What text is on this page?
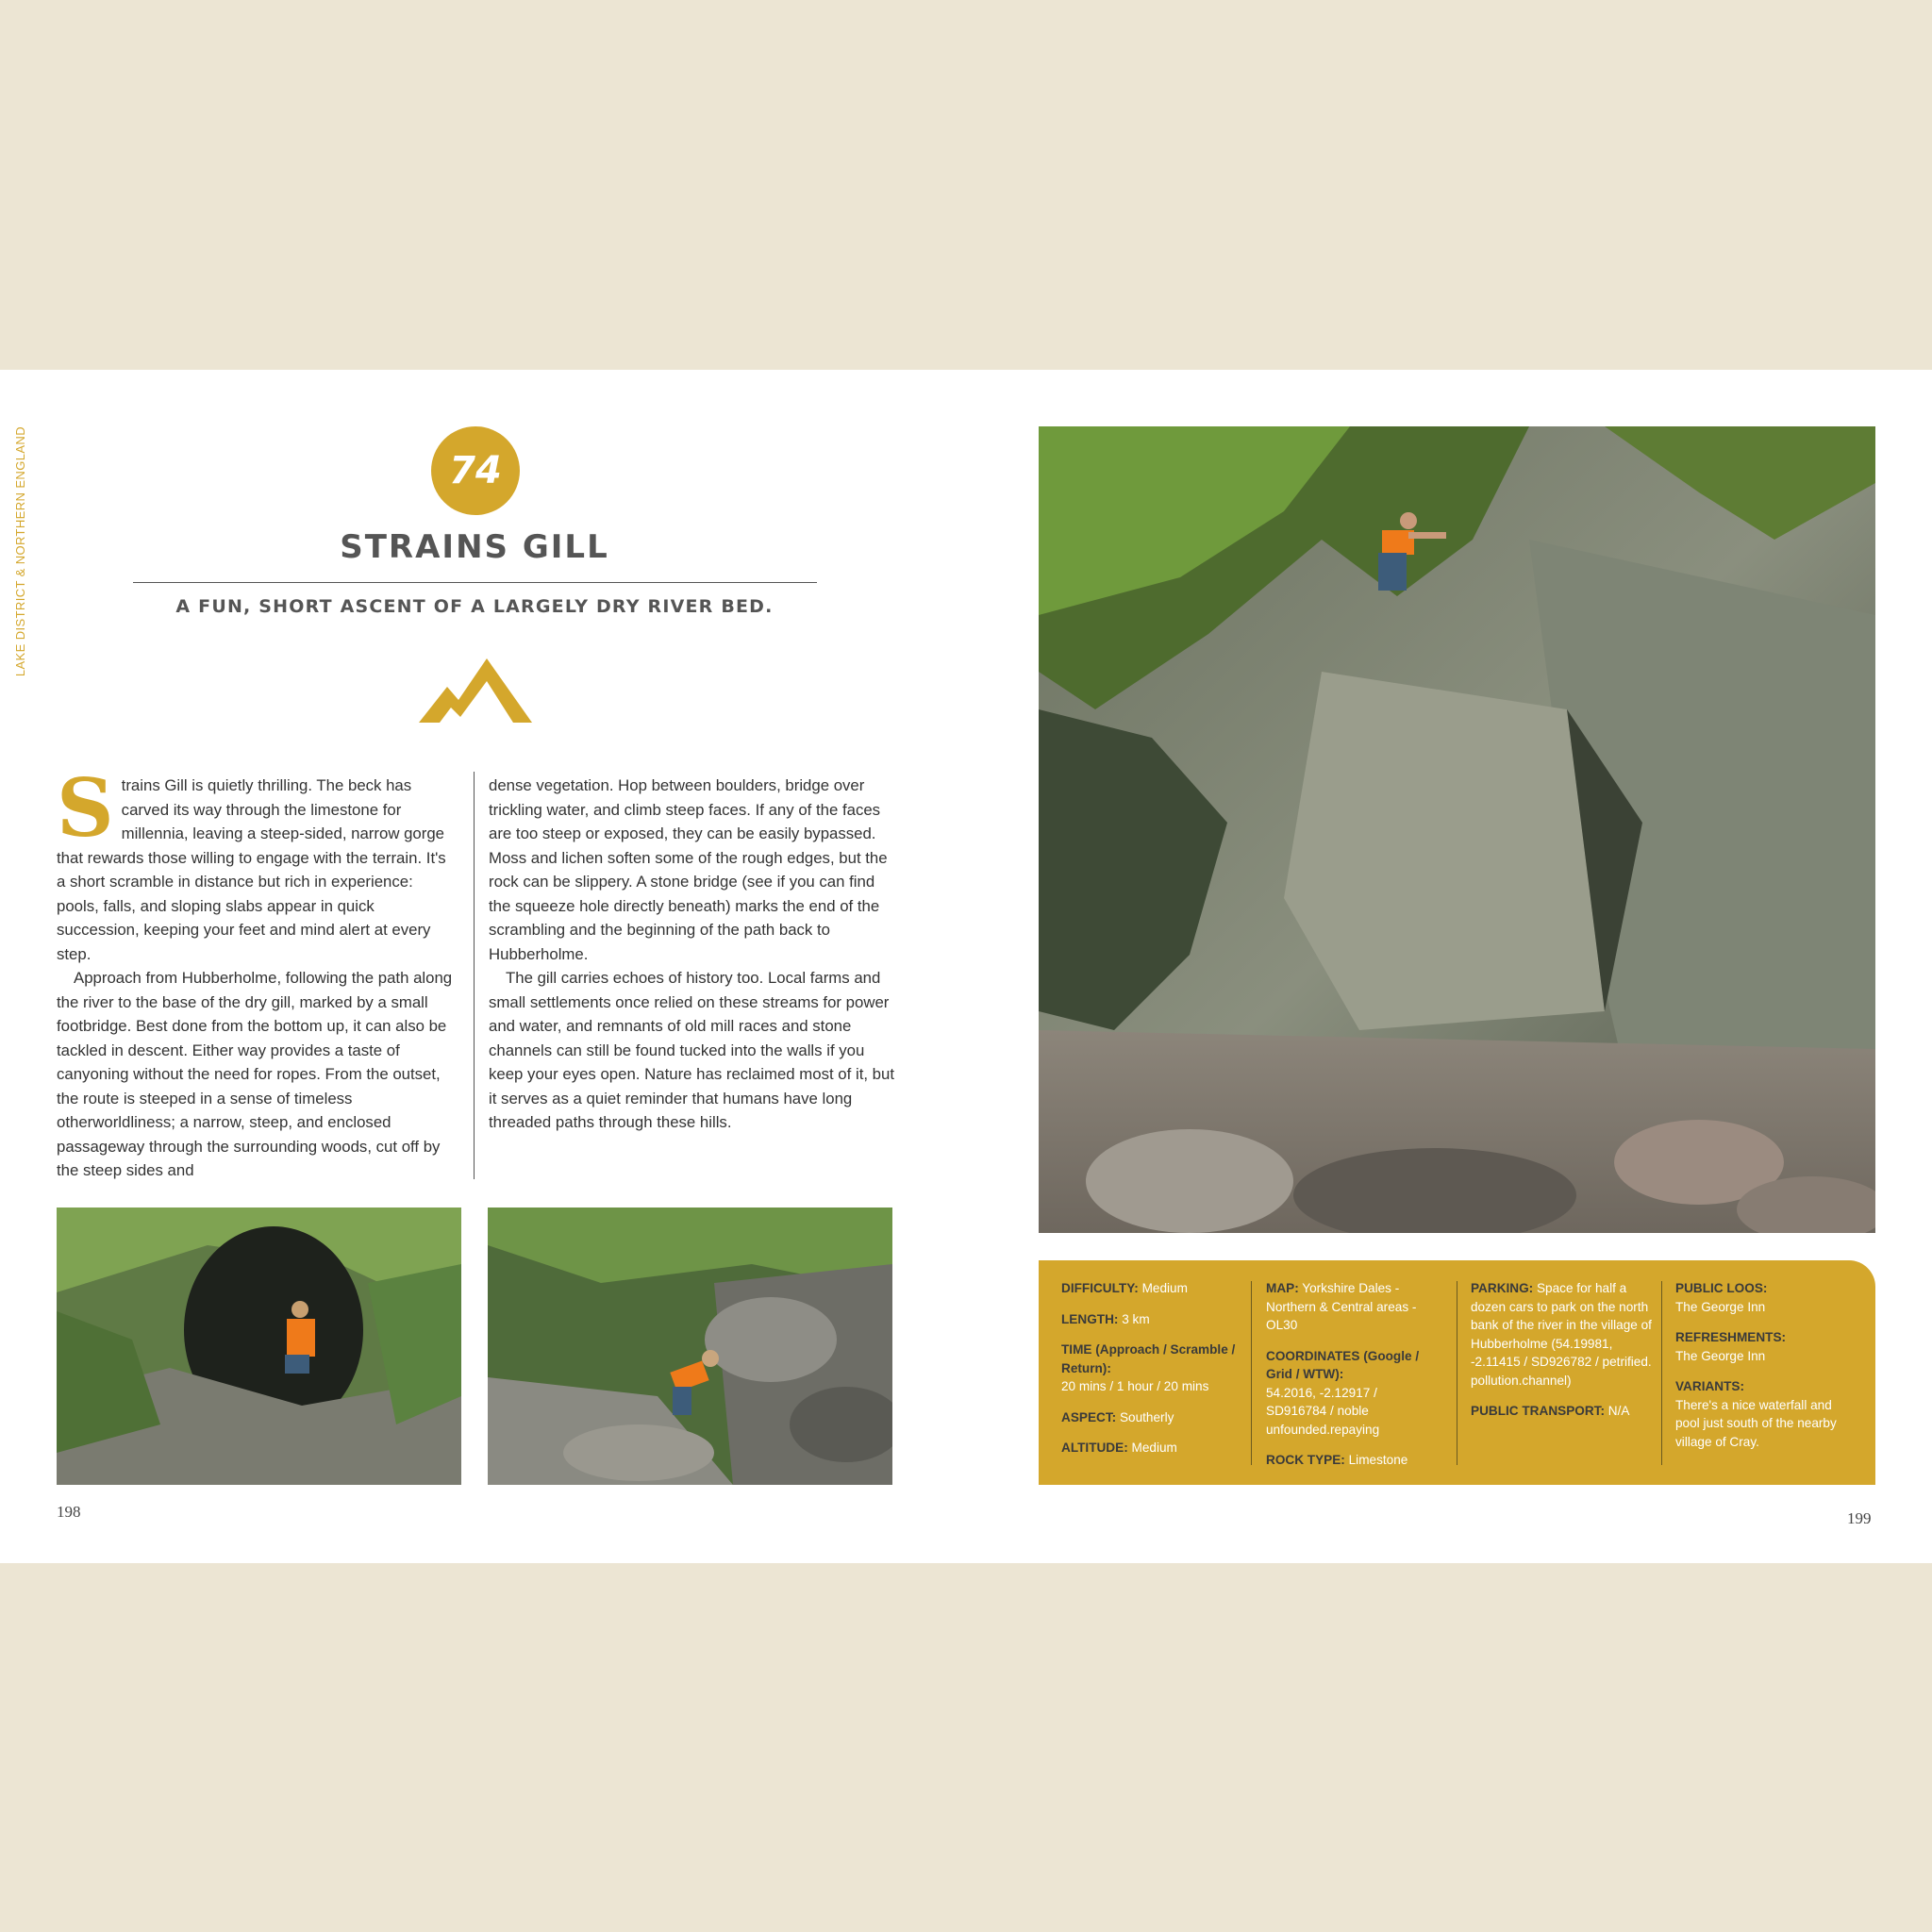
LAKE DISTRICT & NORTHERN ENGLAND	74
STRAINS GILL
A FUN, SHORT ASCENT OF A LARGELY DRY RIVER BED.

Strains Gill is quietly thrilling. The beck has carved its way through the limestone for millennia, leaving a steep-sided, narrow gorge that rewards those willing to engage with the terrain. It's a short scramble in distance but rich in experience: pools, falls, and sloping slabs appear in quick succession, keeping your feet and mind alert at every step.

Approach from Hubberholme, following the path along the river to the base of the dry gill, marked by a small footbridge. Best done from the bottom up, it can also be tackled in descent. Either way provides a taste of canyoning without the need for ropes. From the outset, the route is steeped in a sense of timeless otherworldliness; a narrow, steep, and enclosed passageway through the surrounding woods, cut off by the steep sides and

dense vegetation. Hop between boulders, bridge over trickling water, and climb steep faces. If any of the faces are too steep or exposed, they can be easily bypassed. Moss and lichen soften some of the rough edges, but the rock can be slippery. A stone bridge (see if you can find the squeeze hole directly beneath) marks the end of the scrambling and the beginning of the path back to Hubberholme.

The gill carries echoes of history too. Local farms and small settlements once relied on these streams for power and water, and remnants of old mill races and stone channels can still be found tucked into the walls if you keep your eyes open. Nature has reclaimed most of it, but it serves as a quiet reminder that humans have long threaded paths through these hills.

DIFFICULTY: Medium
LENGTH: 3 km
TIME (Approach / Scramble / Return):
20 mins / 1 hour / 20 mins
ASPECT: Southerly
ALTITUDE: Medium
MAP: Yorkshire Dales - Northern & Central areas - OL30
COORDINATES (Google / Grid / WTW):
54.2016, -2.12917 / SD916784 / noble unfounded.repaying
ROCK TYPE: Limestone
PARKING: Space for half a dozen cars to park on the north bank of the river in the village of Hubberholme (54.19981, -2.11415 / SD926782 / petrified. pollution.channel)
PUBLIC TRANSPORT: N/A
PUBLIC LOOS:
The George Inn
REFRESHMENTS:
The George Inn
VARIANTS:
There's a nice waterfall and pool just south of the nearby village of Cray.
198	199
